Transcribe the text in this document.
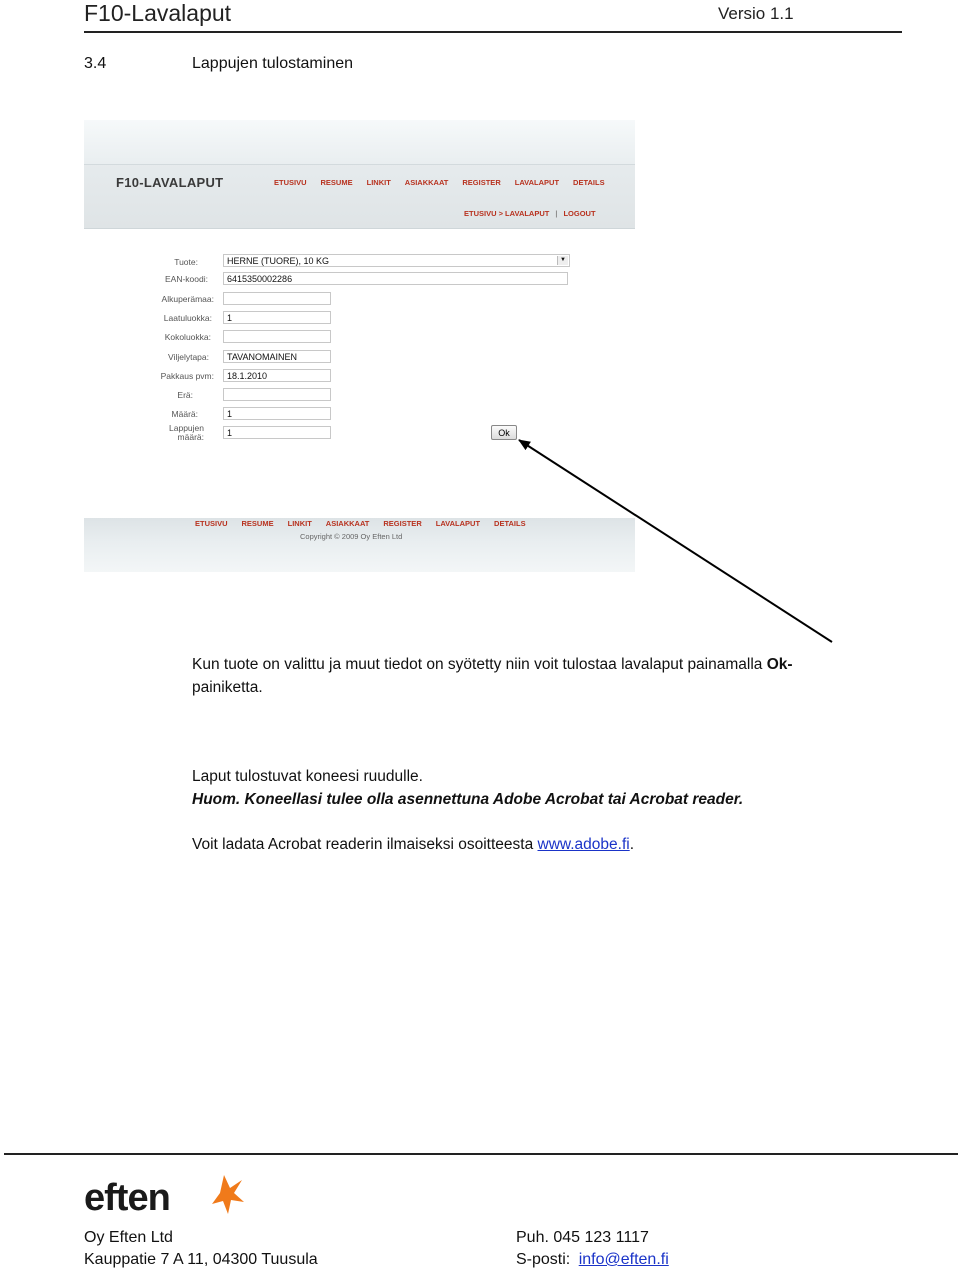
F10-Lavalaput	Versio 1.1
3.4	Lappujen tulostaminen
F10-LAVALAPUT	ETUSIVU RESUME LINKIT ASIAKKAAT REGISTER LAVALAPUT DETAILS
ETUSIVU > LAVALAPUT | LOGOUT
Tuote:	HERNE (TUORE), 10 KG	▼
EAN-koodi:	6415350002286
Alkuperämaa:
Laatuluokka:	1
Kokoluokka:
Viljelytapa:	TAVANOMAINEN
Pakkaus pvm:	18.1.2010
Erä:
Määrä:	1
Lappujen
määrä:	1	Ok
ETUSIVU RESUME LINKIT ASIAKKAAT REGISTER LAVALAPUT DETAILS
Copyright © 2009 Oy Eften Ltd
Kun tuote on valittu ja muut tiedot on syötetty niin voit tulostaa lavalaput painamalla Ok-
painiketta.
Laput tulostuvat koneesi ruudulle.
Huom. Koneellasi tulee olla asennettuna Adobe Acrobat tai Acrobat reader.
Voit ladata Acrobat readerin ilmaiseksi osoitteesta www.adobe.fi.
eften
Oy Eften Ltd
Kauppatie 7 A 11, 04300 Tuusula
Puh. 045 123 1117
S-posti: info@eften.fi
